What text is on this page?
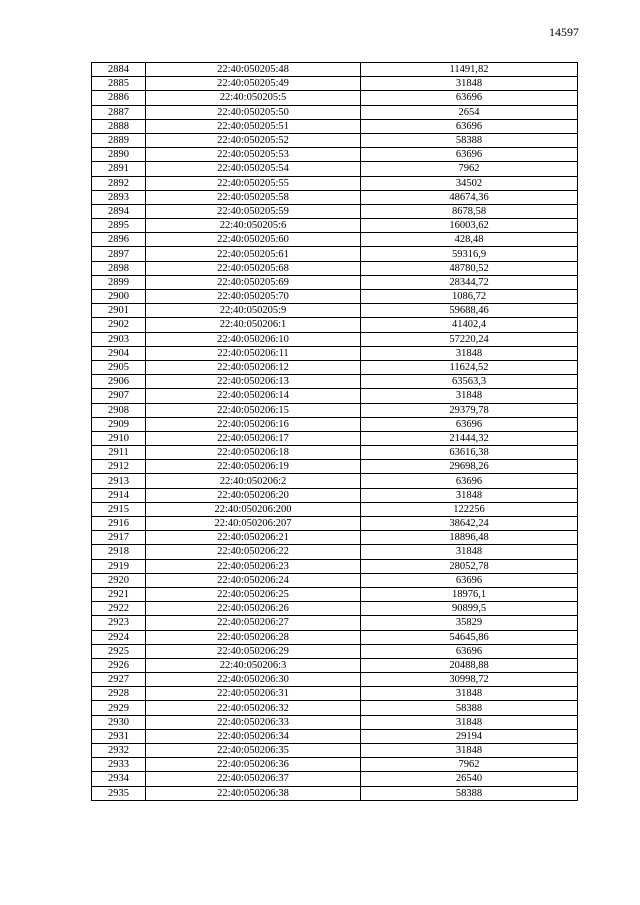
14597
2884	22:40:050205:48	11491,82
2885	22:40:050205:49	31848
2886	22:40:050205:5	63696
2887	22:40:050205:50	2654
2888	22:40:050205:51	63696
2889	22:40:050205:52	58388
2890	22:40:050205:53	63696
2891	22:40:050205:54	7962
2892	22:40:050205:55	34502
2893	22:40:050205:58	48674,36
2894	22:40:050205:59	8678,58
2895	22:40:050205:6	16003,62
2896	22:40:050205:60	428,48
2897	22:40:050205:61	59316,9
2898	22:40:050205:68	48780,52
2899	22:40:050205:69	28344,72
2900	22:40:050205:70	1086,72
2901	22:40:050205:9	59688,46
2902	22:40:050206:1	41402,4
2903	22:40:050206:10	57220,24
2904	22:40:050206:11	31848
2905	22:40:050206:12	11624,52
2906	22:40:050206:13	63563,3
2907	22:40:050206:14	31848
2908	22:40:050206:15	29379,78
2909	22:40:050206:16	63696
2910	22:40:050206:17	21444,32
2911	22:40:050206:18	63616,38
2912	22:40:050206:19	29698,26
2913	22:40:050206:2	63696
2914	22:40:050206:20	31848
2915	22:40:050206:200	122256
2916	22:40:050206:207	38642,24
2917	22:40:050206:21	18896,48
2918	22:40:050206:22	31848
2919	22:40:050206:23	28052,78
2920	22:40:050206:24	63696
2921	22:40:050206:25	18976,1
2922	22:40:050206:26	90899,5
2923	22:40:050206:27	35829
2924	22:40:050206:28	54645,86
2925	22:40:050206:29	63696
2926	22:40:050206:3	20488,88
2927	22:40:050206:30	30998,72
2928	22:40:050206:31	31848
2929	22:40:050206:32	58388
2930	22:40:050206:33	31848
2931	22:40:050206:34	29194
2932	22:40:050206:35	31848
2933	22:40:050206:36	7962
2934	22:40:050206:37	26540
2935	22:40:050206:38	58388
